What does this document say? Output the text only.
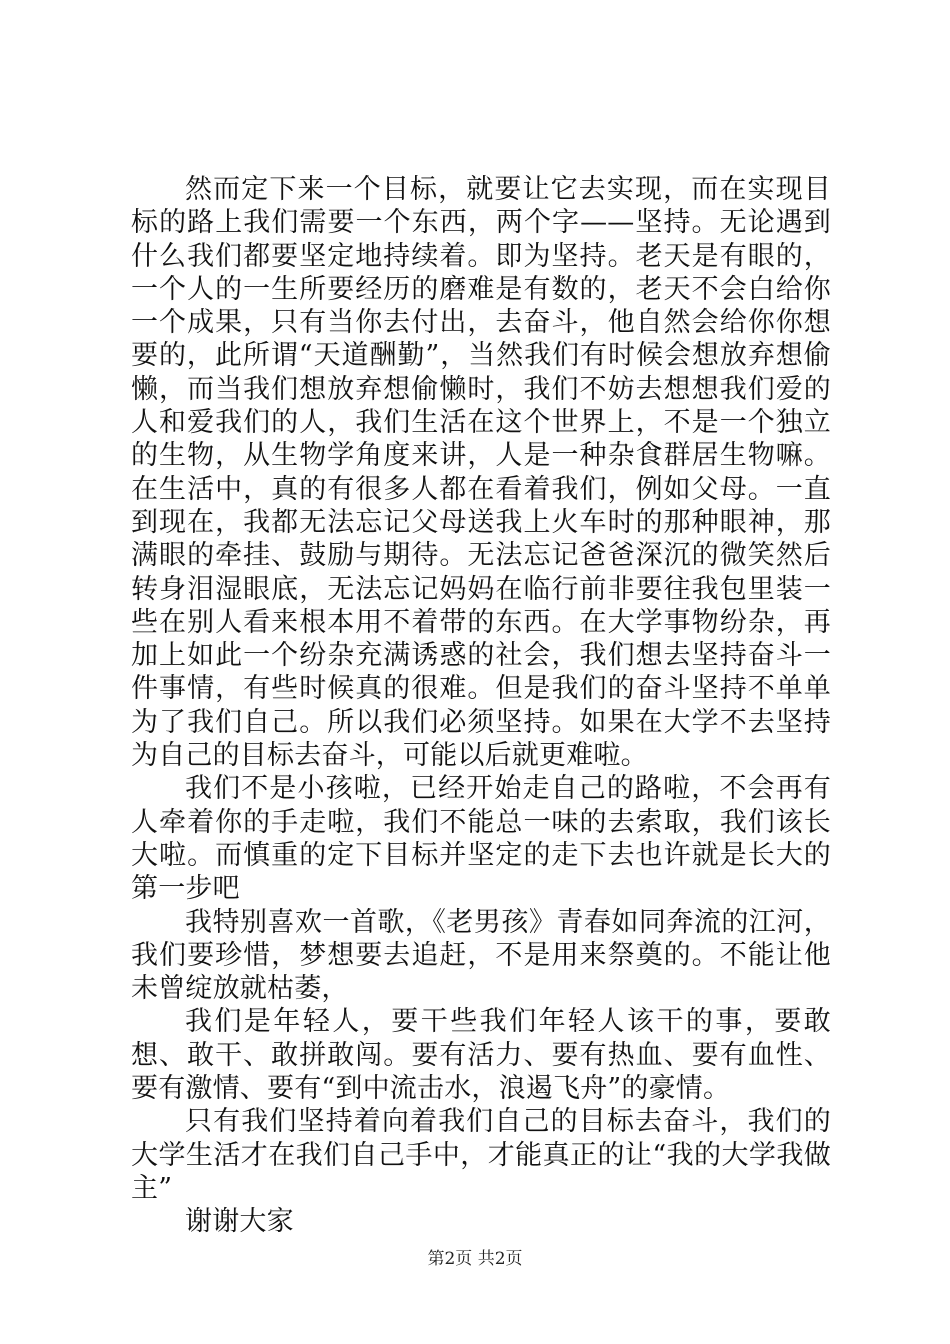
然而定下来一个目标，就要让它去实现，而在实现目标的路上我们需要一个东西，两个字——坚持。无论遇到什么我们都要坚定地持续着。即为坚持。老天是有眼的，一个人的一生所要经历的磨难是有数的，老天不会白给你一个成果，只有当你去付出，去奋斗，他自然会给你你想要的，此所谓“天道酬勤”，当然我们有时候会想放弃想偷懒，而当我们想放弃想偷懒时，我们不妨去想想我们爱的人和爱我们的人，我们生活在这个世界上，不是一个独立的生物，从生物学角度来讲，人是一种杂食群居生物嘛。在生活中，真的有很多人都在看着我们，例如父母。一直到现在，我都无法忘记父母送我上火车时的那种眼神，那满眼的牵挂、鼓励与期待。无法忘记爸爸深沉的微笑然后转身泪湿眼底，无法忘记妈妈在临行前非要往我包里装一些在别人看来根本用不着带的东西。在大学事物纷杂，再加上如此一个纷杂充满诱惑的社会，我们想去坚持奋斗一件事情，有些时候真的很难。但是我们的奋斗坚持不单单为了我们自己。所以我们必须坚持。如果在大学不去坚持为自己的目标去奋斗，可能以后就更难啦。

我们不是小孩啦，已经开始走自己的路啦，不会再有人牵着你的手走啦，我们不能总一味的去索取，我们该长大啦。而慎重的定下目标并坚定的走下去也许就是长大的第一步吧

我特别喜欢一首歌，《老男孩》青春如同奔流的江河，我们要珍惜，梦想要去追赶，不是用来祭奠的。不能让他未曾绽放就枯萎，

我们是年轻人，要干些我们年轻人该干的事，要敢想、敢干、敢拼敢闯。要有活力、要有热血、要有血性、要有激情、要有“到中流击水，浪遏飞舟”的豪情。

只有我们坚持着向着我们自己的目标去奋斗，我们的大学生活才在我们自己手中，才能真正的让“我的大学我做主”

谢谢大家

第2页 共2页
